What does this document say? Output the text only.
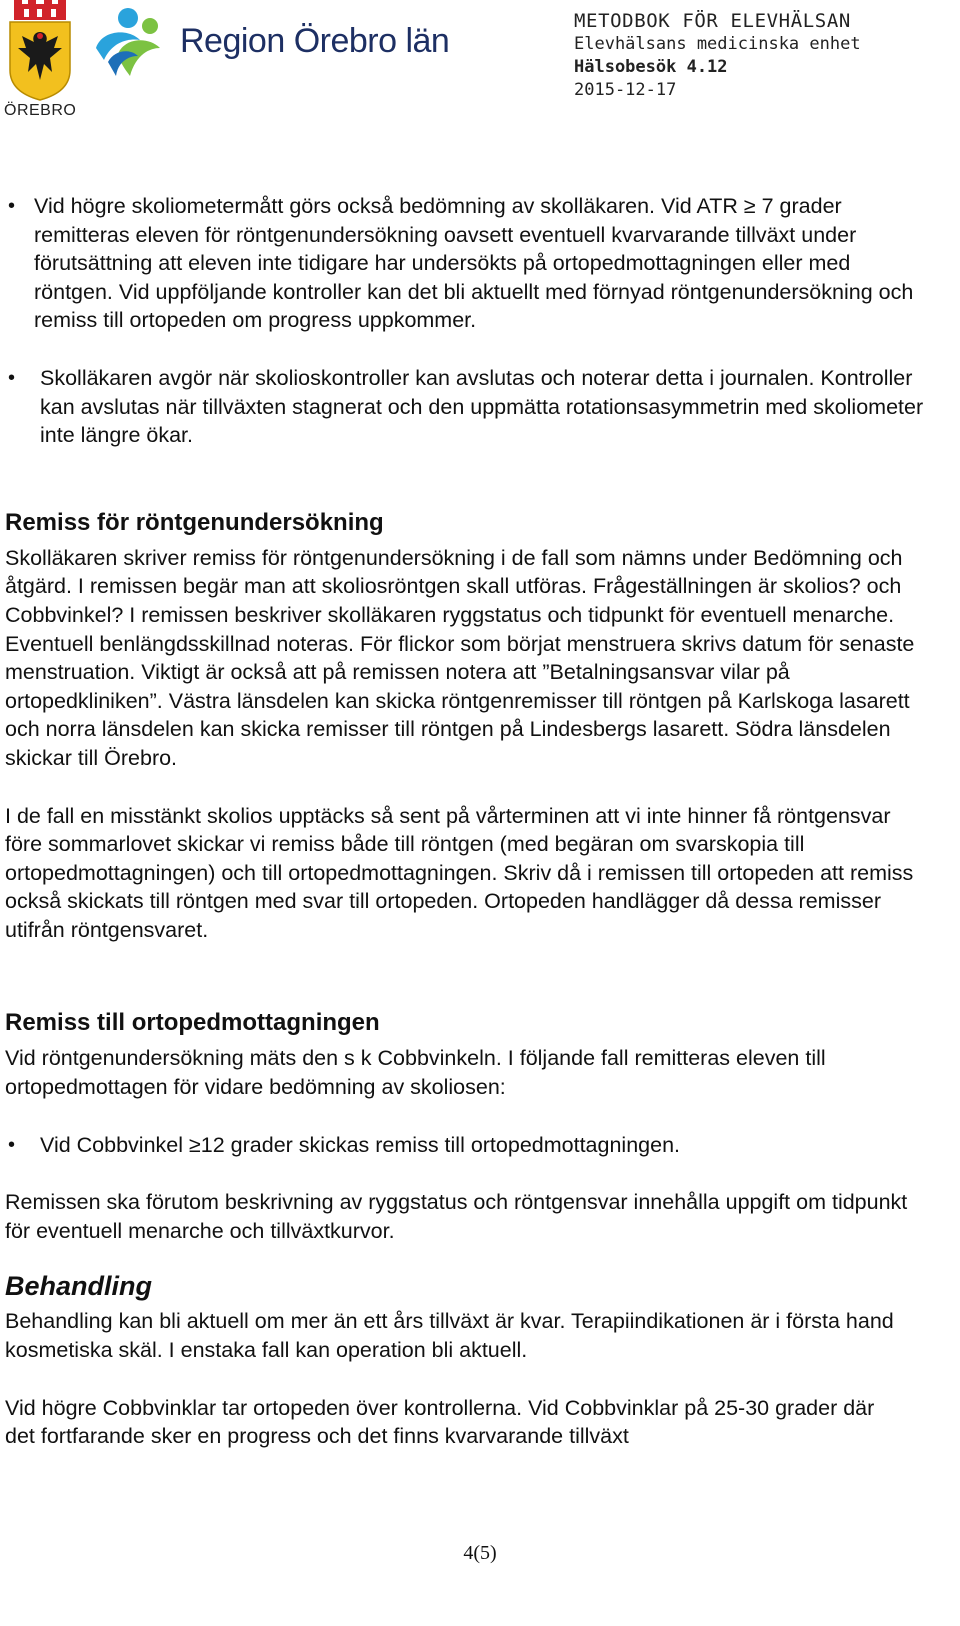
ÖREBRO
Region Örebro län
METODBOK FÖR ELEVHÄLSAN
Elevhälsans medicinska enhet
Hälsobesök 4.12
2015-12-17

• Vid högre skoliometermått görs också bedömning av skolläkaren. Vid ATR ≥ 7 grader remitteras eleven för röntgenundersökning oavsett eventuell kvarvarande tillväxt under förutsättning att eleven inte tidigare har undersökts på ortopedmottagningen eller med röntgen. Vid uppföljande kontroller kan det bli aktuellt med förnyad röntgenundersökning och remiss till ortopeden om progress uppkommer.

• Skolläkaren avgör när skolioskontroller kan avslutas och noterar detta i journalen. Kontroller kan avslutas när tillväxten stagnerat och den uppmätta rotationsasymmetrin med skoliometer inte längre ökar.

Remiss för röntgenundersökning

Skolläkaren skriver remiss för röntgenundersökning i de fall som nämns under Bedömning och åtgärd. I remissen begär man att skoliosröntgen skall utföras. Frågeställningen är skolios? och Cobbvinkel? I remissen beskriver skolläkaren ryggstatus och tidpunkt för eventuell menarche. Eventuell benlängdsskillnad noteras. För flickor som börjat menstruera skrivs datum för senaste menstruation. Viktigt är också att på remissen notera att ”Betalningsansvar vilar på ortopedkliniken”. Västra länsdelen kan skicka röntgenremisser till röntgen på Karlskoga lasarett och norra länsdelen kan skicka remisser till röntgen på Lindesbergs lasarett. Södra länsdelen skickar till Örebro.

I de fall en misstänkt skolios upptäcks så sent på vårterminen att vi inte hinner få röntgensvar före sommarlovet skickar vi remiss både till röntgen (med begäran om svarskopia till ortopedmottagningen) och till ortopedmottagningen. Skriv då i remissen till ortopeden att remiss också skickats till röntgen med svar till ortopeden. Ortopeden handlägger då dessa remisser utifrån röntgensvaret.

Remiss till ortopedmottagningen

Vid röntgenundersökning mäts den s k Cobbvinkeln. I följande fall remitteras eleven till ortopedmottagen för vidare bedömning av skoliosen:

• Vid Cobbvinkel ≥12 grader skickas remiss till ortopedmottagningen.

Remissen ska förutom beskrivning av ryggstatus och röntgensvar innehålla uppgift om tidpunkt för eventuell menarche och tillväxtkurvor.

Behandling

Behandling kan bli aktuell om mer än ett års tillväxt är kvar. Terapiindikationen är i första hand kosmetiska skäl. I enstaka fall kan operation bli aktuell.

Vid högre Cobbvinklar tar ortopeden över kontrollerna. Vid Cobbvinklar på 25-30 grader där det fortfarande sker en progress och det finns kvarvarande tillväxt

4(5)
